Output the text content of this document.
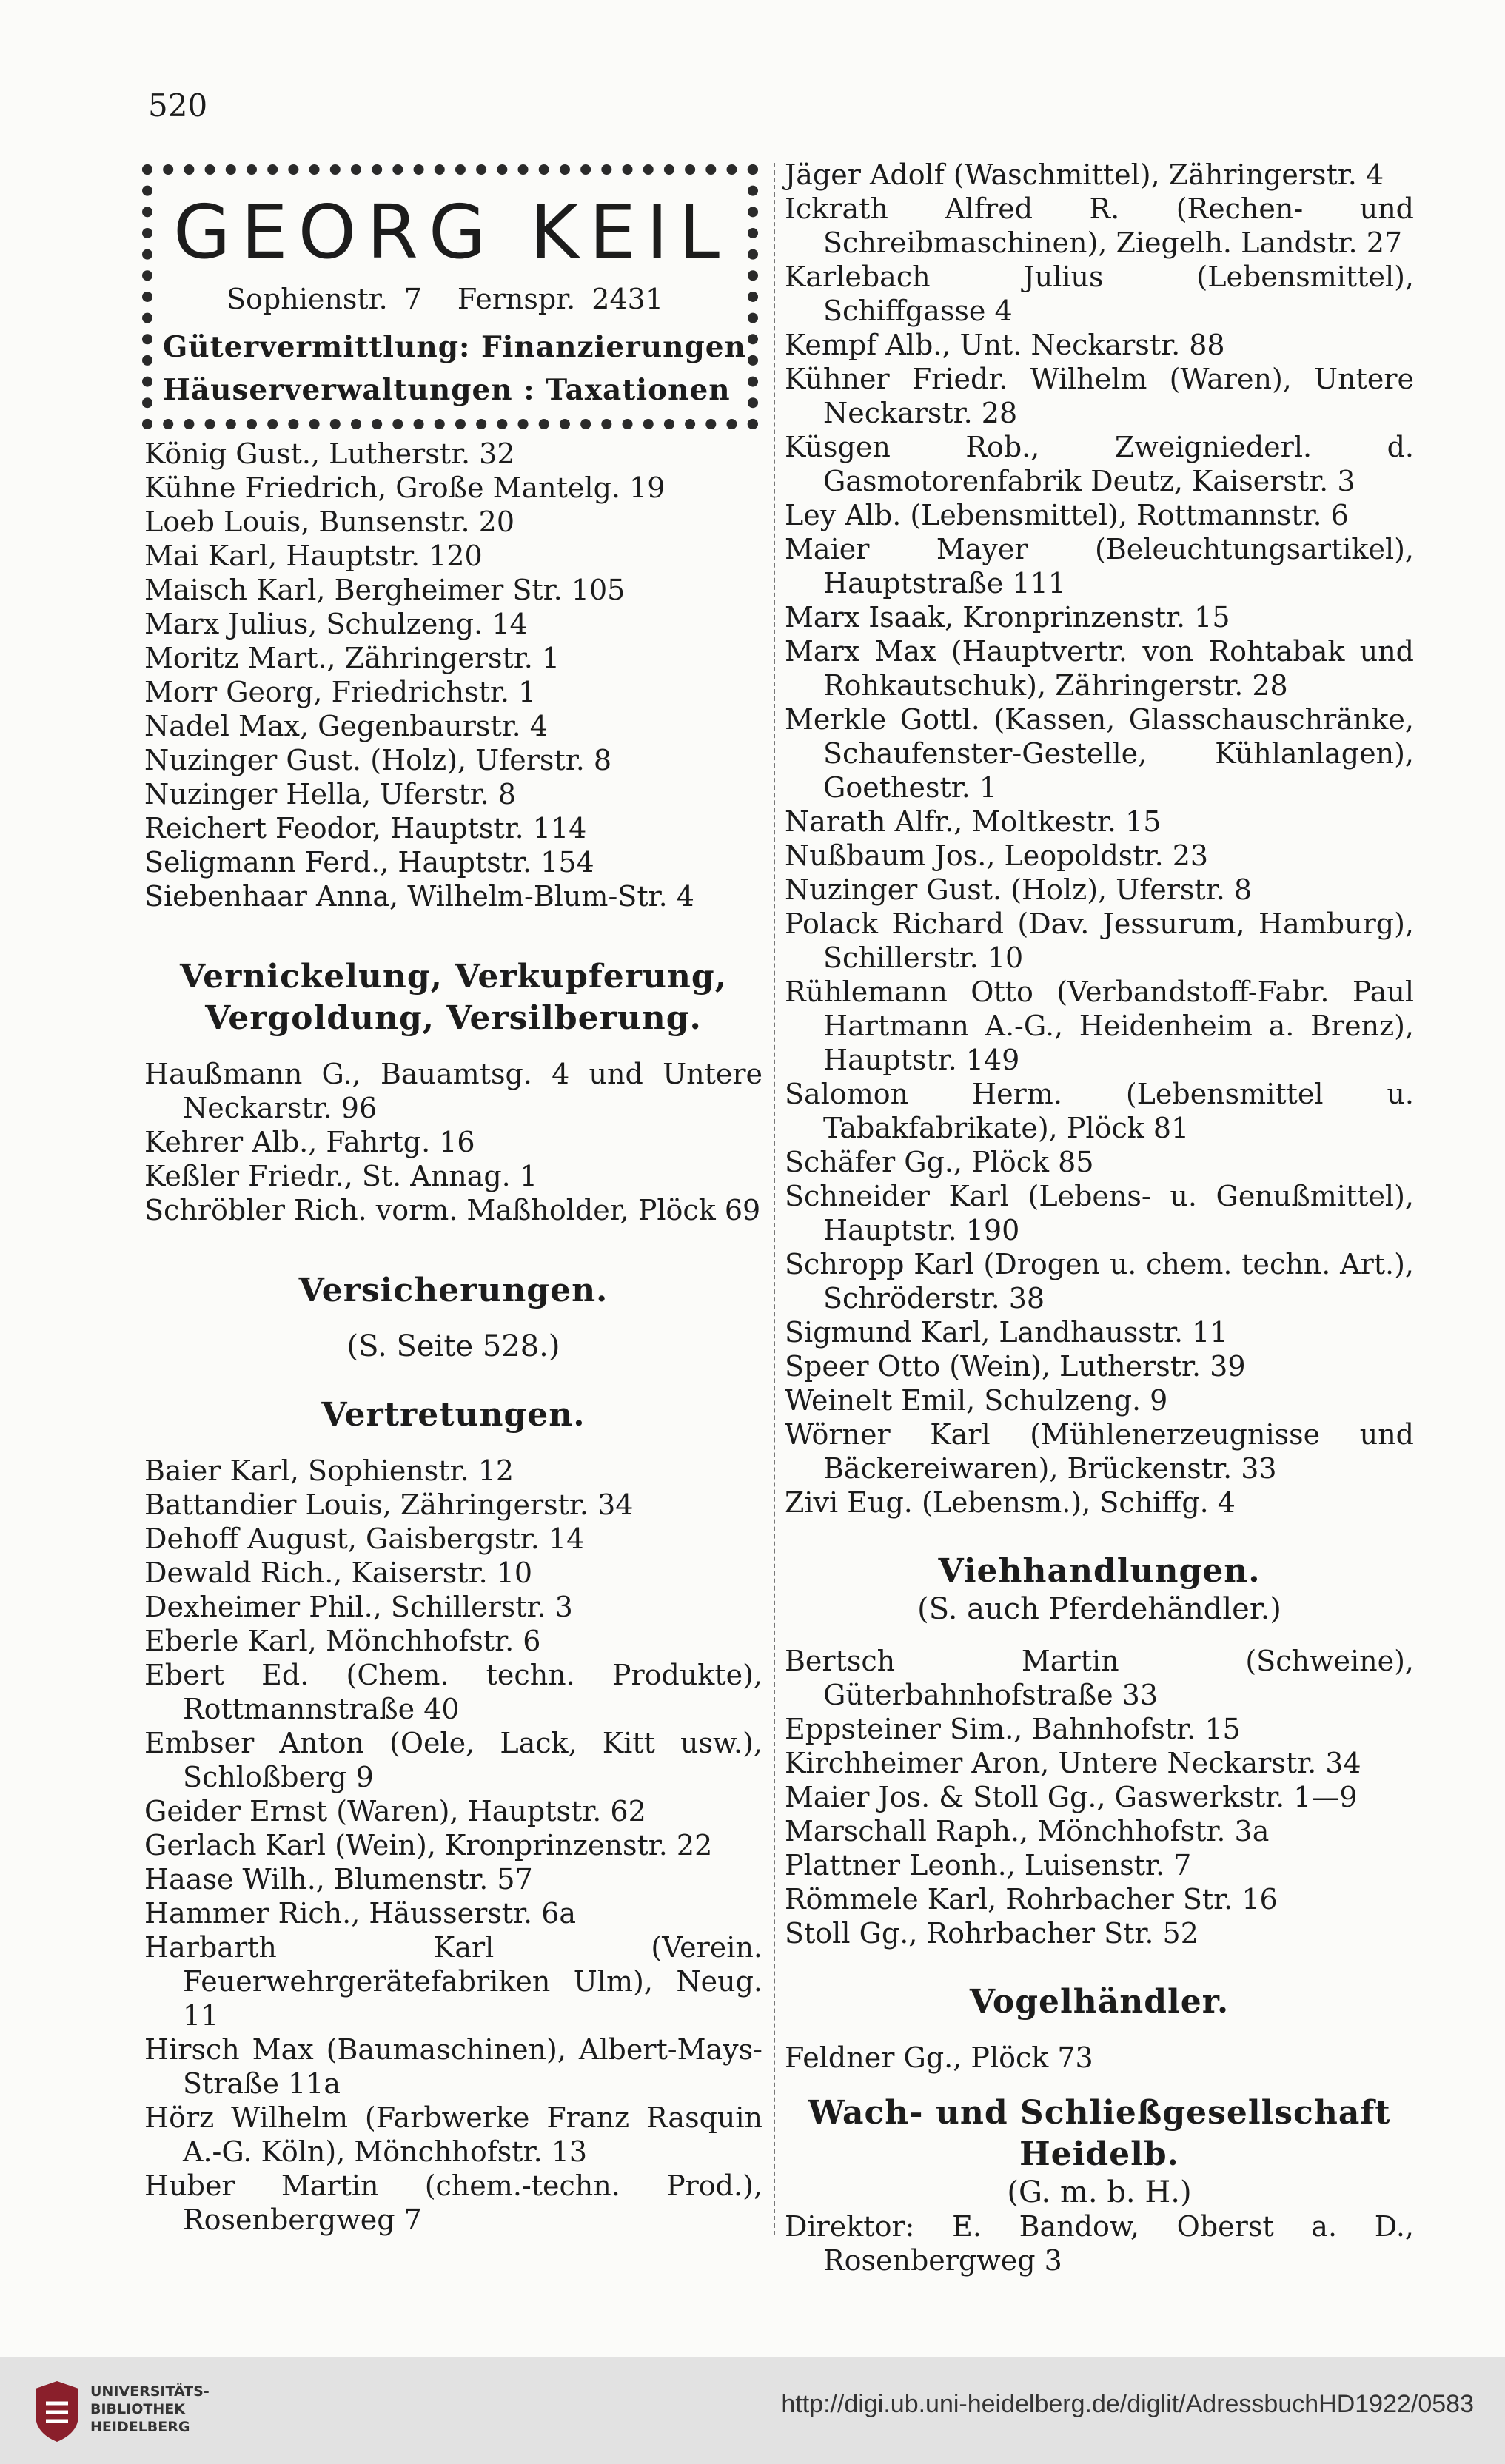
520
GEORG KEIL
Sophienstr. 7 Fernspr. 2431
Gütervermittlung: Finanzierungen
Häuserverwaltungen : Taxationen
König Gust., Lutherstr. 32
Kühne Friedrich, Große Mantelg. 19
Loeb Louis, Bunsenstr. 20
Mai Karl, Hauptstr. 120
Maisch Karl, Bergheimer Str. 105
Marx Julius, Schulzeng. 14
Moritz Mart., Zähringerstr. 1
Morr Georg, Friedrichstr. 1
Nadel Max, Gegenbaurstr. 4
Nuzinger Gust. (Holz), Uferstr. 8
Nuzinger Hella, Uferstr. 8
Reichert Feodor, Hauptstr. 114
Seligmann Ferd., Hauptstr. 154
Siebenhaar Anna, Wilhelm-Blum-Str. 4
Vernickelung, Verkupferung, Vergoldung, Versilberung.
Haußmann G., Bauamtsg. 4 und Untere Neckarstr. 96
Kehrer Alb., Fahrtg. 16
Keßler Friedr., St. Annag. 1
Schröbler Rich. vorm. Maßholder, Plöck 69
Versicherungen.
(S. Seite 528.)
Vertretungen.
Baier Karl, Sophienstr. 12
Battandier Louis, Zähringerstr. 34
Dehoff August, Gaisbergstr. 14
Dewald Rich., Kaiserstr. 10
Dexheimer Phil., Schillerstr. 3
Eberle Karl, Mönchhofstr. 6
Ebert Ed. (Chem. techn. Produkte), Rottmannstraße 40
Embser Anton (Oele, Lack, Kitt usw.), Schloßberg 9
Geider Ernst (Waren), Hauptstr. 62
Gerlach Karl (Wein), Kronprinzenstr. 22
Haase Wilh., Blumenstr. 57
Hammer Rich., Häusserstr. 6a
Harbarth Karl (Verein. Feuerwehrgerätefabriken Ulm), Neug. 11
Hirsch Max (Baumaschinen), Albert-Mays-Straße 11a
Hörz Wilhelm (Farbwerke Franz Rasquin A.-G. Köln), Mönchhofstr. 13
Huber Martin (chem.-techn. Prod.), Rosenbergweg 7
Jäger Adolf (Waschmittel), Zähringerstr. 4
Ickrath Alfred R. (Rechen- und Schreibmaschinen), Ziegelh. Landstr. 27
Karlebach Julius (Lebensmittel), Schiffgasse 4
Kempf Alb., Unt. Neckarstr. 88
Kühner Friedr. Wilhelm (Waren), Untere Neckarstr. 28
Küsgen Rob., Zweigniederl. d. Gasmotorenfabrik Deutz, Kaiserstr. 3
Ley Alb. (Lebensmittel), Rottmannstr. 6
Maier Mayer (Beleuchtungsartikel), Hauptstraße 111
Marx Isaak, Kronprinzenstr. 15
Marx Max (Hauptvertr. von Rohtabak und Rohkautschuk), Zähringerstr. 28
Merkle Gottl. (Kassen, Glasschauschränke, Schaufenster-Gestelle, Kühlanlagen), Goethestr. 1
Narath Alfr., Moltkestr. 15
Nußbaum Jos., Leopoldstr. 23
Nuzinger Gust. (Holz), Uferstr. 8
Polack Richard (Dav. Jessurum, Hamburg), Schillerstr. 10
Rühlemann Otto (Verbandstoff-Fabr. Paul Hartmann A.-G., Heidenheim a. Brenz), Hauptstr. 149
Salomon Herm. (Lebensmittel u. Tabakfabrikate), Plöck 81
Schäfer Gg., Plöck 85
Schneider Karl (Lebens- u. Genußmittel), Hauptstr. 190
Schropp Karl (Drogen u. chem. techn. Art.), Schröderstr. 38
Sigmund Karl, Landhausstr. 11
Speer Otto (Wein), Lutherstr. 39
Weinelt Emil, Schulzeng. 9
Wörner Karl (Mühlenerzeugnisse und Bäckereiwaren), Brückenstr. 33
Zivi Eug. (Lebensm.), Schiffg. 4
Viehhandlungen.
(S. auch Pferdehändler.)
Bertsch Martin (Schweine), Güterbahnhofstraße 33
Eppsteiner Sim., Bahnhofstr. 15
Kirchheimer Aron, Untere Neckarstr. 34
Maier Jos. & Stoll Gg., Gaswerkstr. 1—9
Marschall Raph., Mönchhofstr. 3a
Plattner Leonh., Luisenstr. 7
Römmele Karl, Rohrbacher Str. 16
Stoll Gg., Rohrbacher Str. 52
Vogelhändler.
Feldner Gg., Plöck 73
Wach- und Schließgesellschaft Heidelb.
(G. m. b. H.)
Direktor: E. Bandow, Oberst a. D., Rosenbergweg 3
UNIVERSITÄTS-
BIBLIOTHEK
HEIDELBERG
http://digi.ub.uni-heidelberg.de/diglit/AdressbuchHD1922/0583
